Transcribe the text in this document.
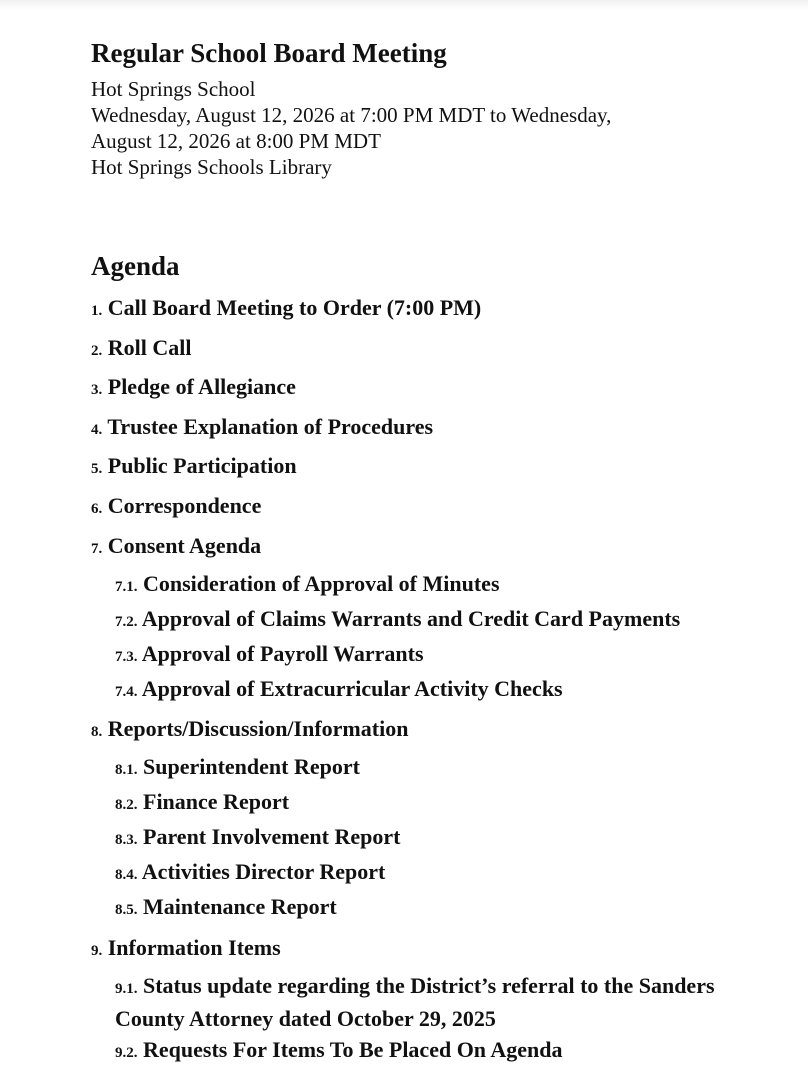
Regular School Board Meeting

Hot Springs School

Wednesday, August 12, 2026 at 7:00 PM MDT to Wednesday,

August 12, 2026 at 8:00 PM MDT

Hot Springs Schools Library

Agenda
1. Call Board Meeting to Order (7:00 PM)
2. Roll Call
3. Pledge of Allegiance
4. Trustee Explanation of Procedures
5. Public Participation
6. Correspondence
7. Consent Agenda
7.1. Consideration of Approval of Minutes
7.2. Approval of Claims Warrants and Credit Card Payments
7.3. Approval of Payroll Warrants
7.4. Approval of Extracurricular Activity Checks
8. Reports/Discussion/Information
8.1. Superintendent Report
8.2. Finance Report
8.3. Parent Involvement Report
8.4. Activities Director Report
8.5. Maintenance Report
9. Information Items
9.1. Status update regarding the District’s referral to the Sanders County Attorney dated October 29, 2025
9.2. Requests For Items To Be Placed On Agenda
